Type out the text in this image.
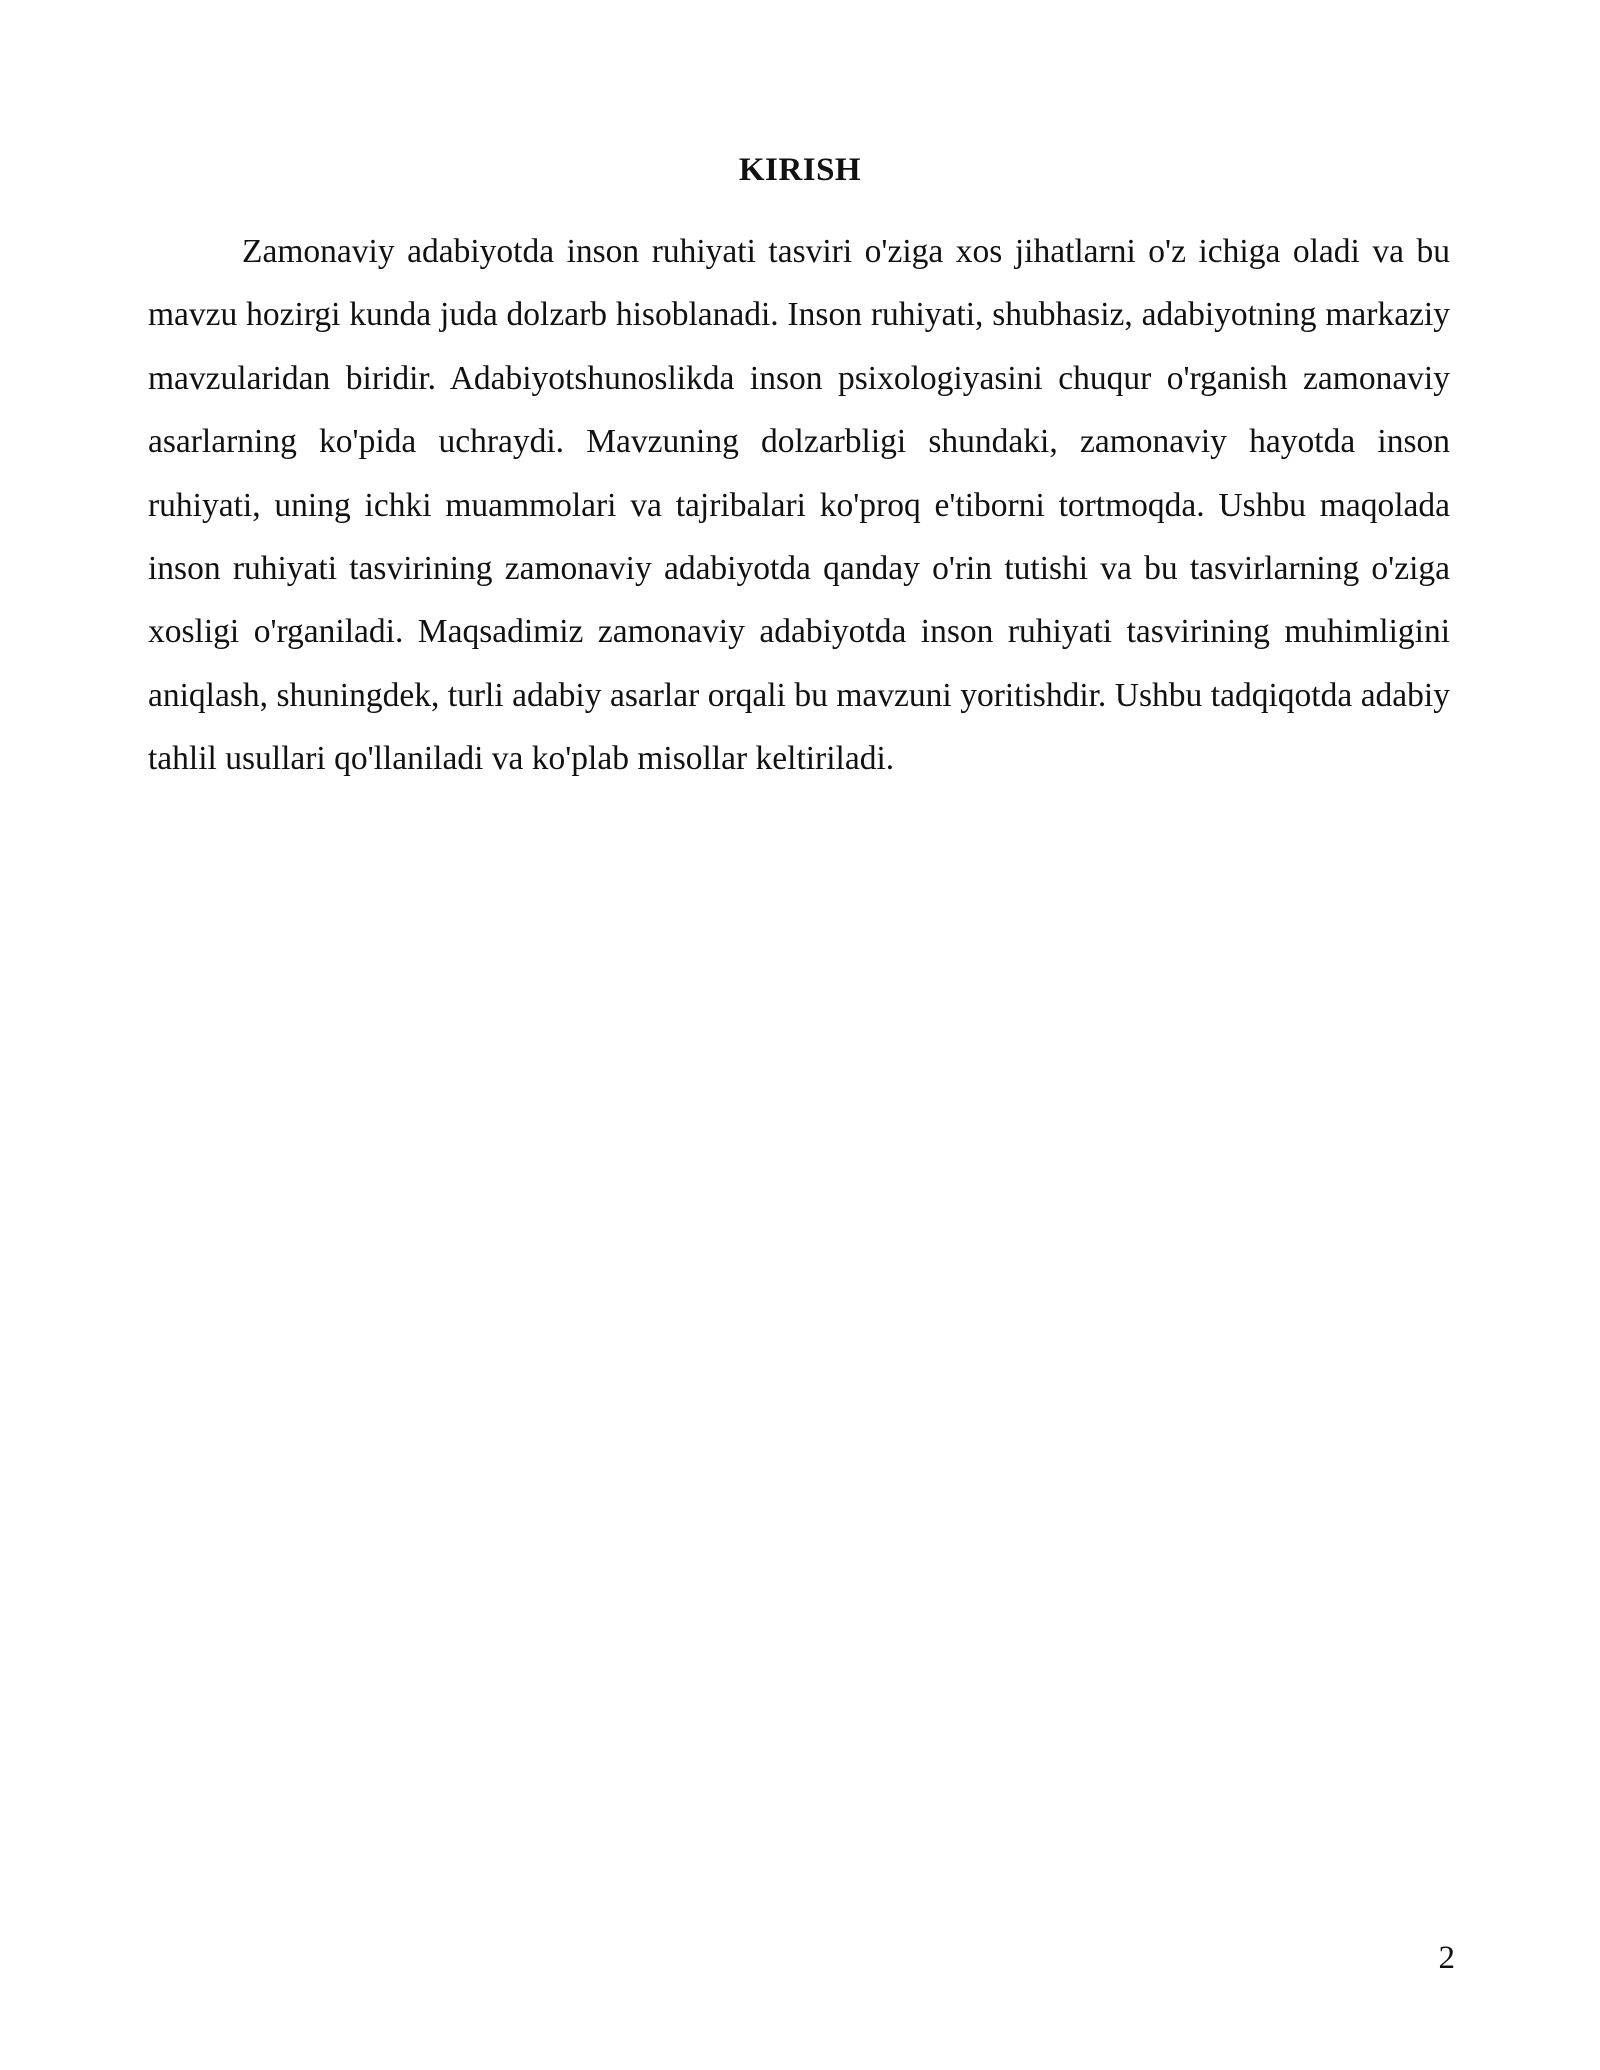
KIRISH

Zamonaviy adabiyotda inson ruhiyati tasviri o'ziga xos jihatlarni o'z ichiga oladi va bu mavzu hozirgi kunda juda dolzarb hisoblanadi. Inson ruhiyati, shubhasiz, adabiyotning markaziy mavzularidan biridir. Adabiyotshunoslikda inson psixologiyasini chuqur o'rganish zamonaviy asarlarning ko'pida uchraydi. Mavzuning dolzarbligi shundaki, zamonaviy hayotda inson ruhiyati, uning ichki muammolari va tajribalari ko'proq e'tiborni tortmoqda. Ushbu maqolada inson ruhiyati tasvirining zamonaviy adabiyotda qanday o'rin tutishi va bu tasvirlarning o'ziga xosligi o'rganiladi. Maqsadimiz zamonaviy adabiyotda inson ruhiyati tasvirining muhimligini aniqlash, shuningdek, turli adabiy asarlar orqali bu mavzuni yoritishdir. Ushbu tadqiqotda adabiy tahlil usullari qo'llaniladi va ko'plab misollar keltiriladi.

2
